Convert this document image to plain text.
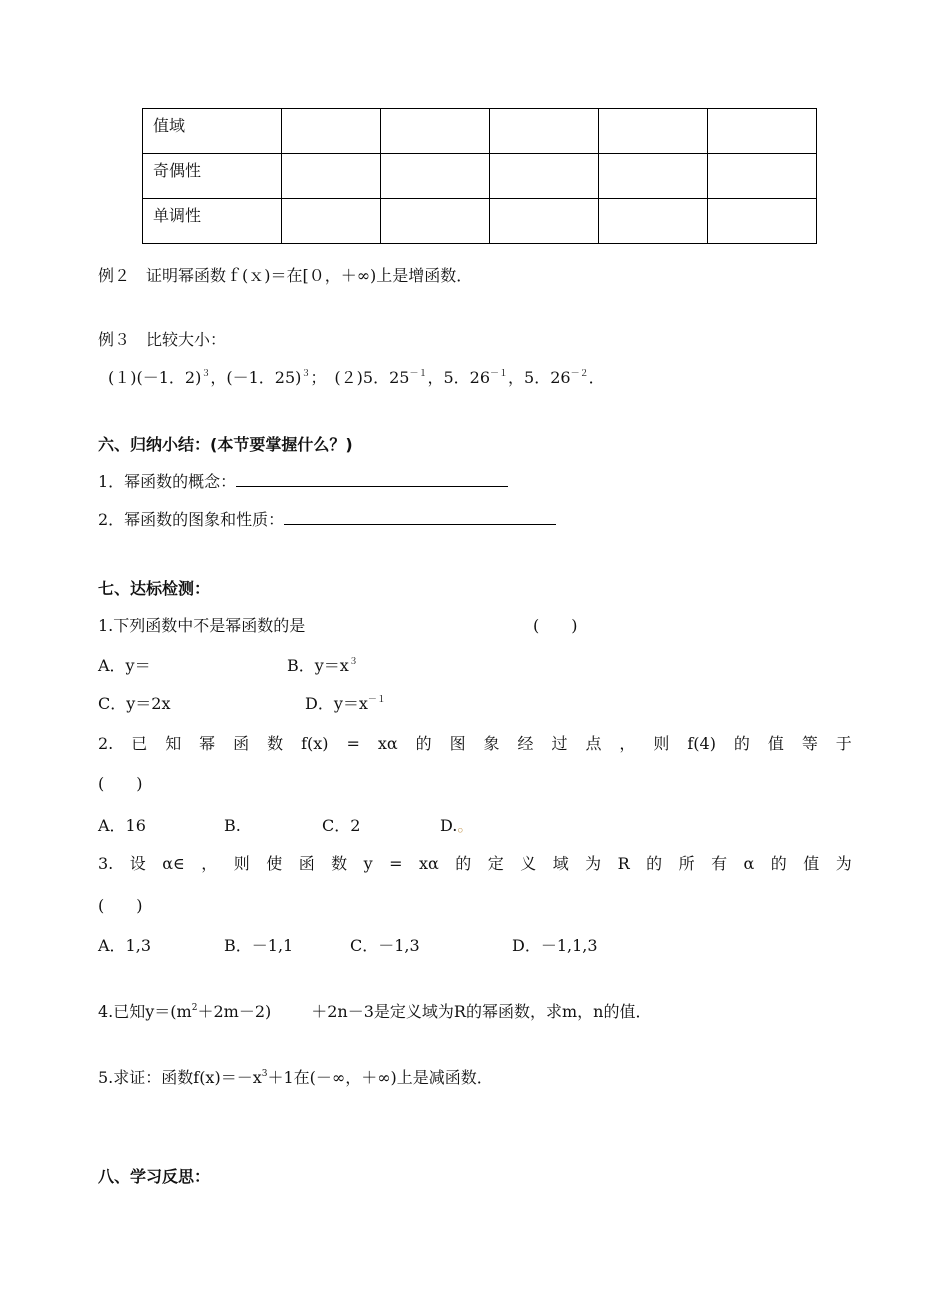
值域					
奇偶性					
单调性					
例２　证明幂函数ｆ(ｘ)＝在[０，＋∞)上是增函数．
例３　比较大小：
(１)(－1．2)$^3$，(－1．25)$^3$；　(２)5．$25^{-1}$，5．$26^{-1}$，5．$26^{-2}$．
六、归纳小结：(本节要掌握什么？)
1．幂函数的概念：
2．幂函数的图象和性质：
七、达标检测：
1.下列函数中不是幂函数的是	(　　)
A．y＝	B．$y=x^3$
C．y＝2x	D．$y=x^{-1}$
2. 已 知 幂 函 数 f(x) = xα 的 图 象 经 过 点 ， 则 f(4) 的 值 等 于
(　　)
A．16	B.	C．2	D.。
3. 设 α∈ ， 则 使 函 数 y = xα 的 定 义 域 为 R 的 所 有 α 的 值 为
(　　)
A．1,3	B．－1,1	C．－1,3	D．－1,1,3
4.已知$y=(m^2+2m-2)$	＋2n－3是定义域为R的幂函数，求m，n的值．
5.求证：函数$f(x)=-x^3+1$在(－∞，＋∞)上是减函数．
八、学习反思：
